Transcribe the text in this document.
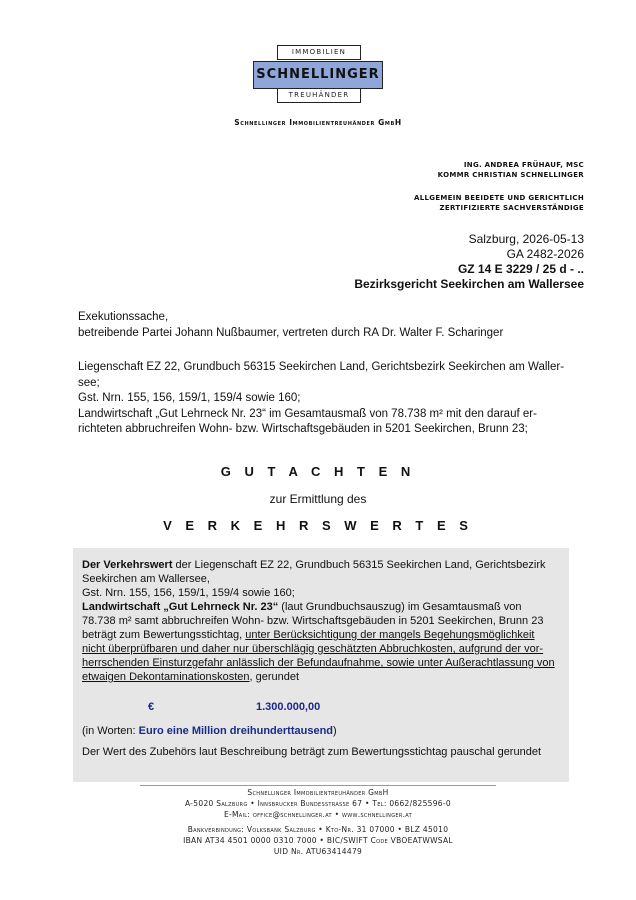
IMMOBILIEN
SCHNELLINGER
TREUHÄNDER
Schnellinger Immobilientreuhänder GmbH
ING. ANDREA FRÜHAUF, MSC
KOMMR CHRISTIAN SCHNELLINGER
ALLGEMEIN BEEIDETE UND GERICHTLICH
ZERTIFIZIERTE SACHVERSTÄNDIGE
Salzburg, 2026-05-13
GA 2482-2026
GZ 14 E 3229 / 25 d - ..
Bezirksgericht Seekirchen am Wallersee
Exekutionssache,
betreibende Partei Johann Nußbaumer, vertreten durch RA Dr. Walter F. Scharinger
Liegenschaft EZ 22, Grundbuch 56315 Seekirchen Land, Gerichtsbezirk Seekirchen am Waller-
see;
Gst. Nrn. 155, 156, 159/1, 159/4 sowie 160;
Landwirtschaft „Gut Lehrneck Nr. 23“ im Gesamtausmaß von 78.738 m² mit den darauf er-
richteten abbruchreifen Wohn- bzw. Wirtschaftsgebäuden in 5201 Seekirchen, Brunn 23;
G U T A C H T E N
zur Ermittlung des
V E R K E H R S W E R T E S
Der Verkehrswert der Liegenschaft EZ 22, Grundbuch 56315 Seekirchen Land, Gerichtsbezirk
Seekirchen am Wallersee,
Gst. Nrn. 155, 156, 159/1, 159/4 sowie 160;
Landwirtschaft „Gut Lehrneck Nr. 23“ (laut Grundbuchsauszug) im Gesamtausmaß von
78.738 m² samt abbruchreifen Wohn- bzw. Wirtschaftsgebäuden in 5201 Seekirchen, Brunn 23
beträgt zum Bewertungsstichtag, unter Berücksichtigung der mangels Begehungsmöglichkeit
nicht überprüfbaren und daher nur überschlägig geschätzten Abbruchkosten, aufgrund der vor-
herrschenden Einsturzgefahr anlässlich der Befundaufnahme, sowie unter Außerachtlassung von
etwaigen Dekontaminationskosten, gerundet
€	1.300.000,00
(in Worten: Euro eine Million dreihunderttausend)
Der Wert des Zubehörs laut Beschreibung beträgt zum Bewertungsstichtag pauschal gerundet
Schnellinger Immobilientreuhänder GmbH
A-5020 Salzburg • Innsbrucker Bundesstrasse 67 • Tel: 0662/825596-0
E-Mail: office@schnellinger.at • www.schnellinger.at
Bankverbindung: Volksbank Salzburg • Kto-Nr. 31 07000 • BLZ 45010
IBAN AT34 4501 0000 0310 7000 • BIC/SWIFT Code VBOEATWWSAL
UID Nr. ATU63414479
